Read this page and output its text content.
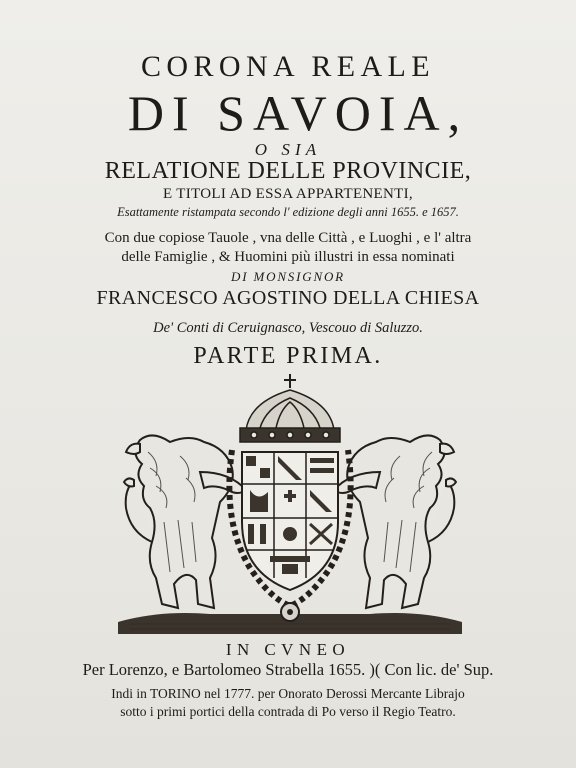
CORONA REALE
DI SAVOIA,
O SIA
RELATIONE DELLE PROVINCIE,
E TITOLI AD ESSA APPARTENENTI,
Esattamente ristampata secondo l' edizione degli anni 1655. e 1657.
Con due copiose Tauole , vna delle Città , e Luoghi , e l' altra
delle Famiglie , & Huomini più illustri in essa nominati
DI MONSIGNOR
FRANCESCO AGOSTINO DELLA CHIESA
De' Conti di Ceruignasco, Vescouo di Saluzzo.
PARTE PRIMA.
IN CVNEO
Per Lorenzo, e Bartolomeo Strabella 1655. )( Con lic. de' Sup.
Indi in TORINO nel 1777. per Onorato Derossi Mercante Librajo
sotto i primi portici della contrada di Po verso il Regio Teatro.
